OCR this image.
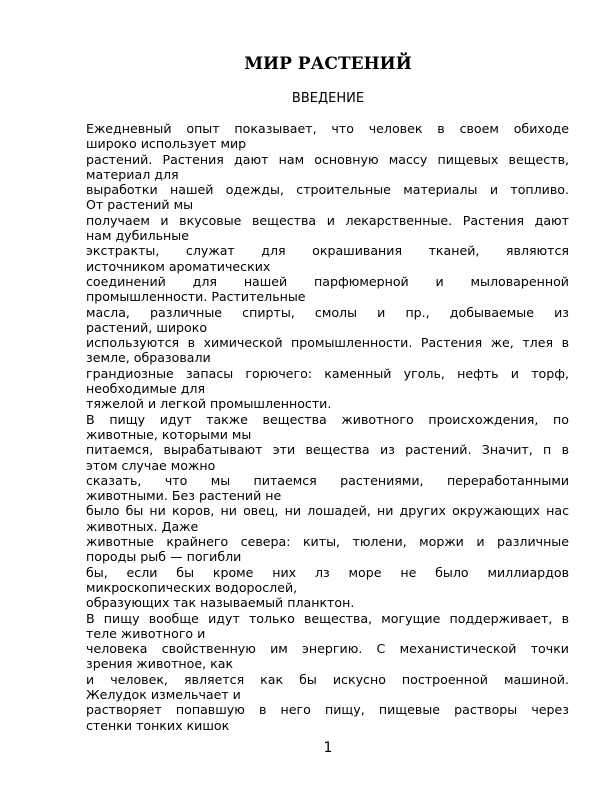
МИР РАСТЕНИЙ
ВВЕДЕНИЕ
Ежедневный опыт показывает, что человек в своем обиходе
широко использует мир
растений. Растения дают нам основную массу пищевых веществ,
материал для
выработки нашей одежды, строительные материалы и топливо.
От растений мы
получаем и вкусовые вещества и лекарственные. Растения дают
нам дубильные
экстракты, служат для окрашивания тканей, являются
источником ароматических
соединений для нашей парфюмерной и мыловаренной
промышленности. Растительные
масла, различные спирты, смолы и пр., добываемые из
растений, широко
используются в химической промышленности. Растения же, тлея в
земле, образовали
грандиозные запасы горючего: каменный уголь, нефть и торф,
необходимые для
тяжелой и легкой промышленности.
В пищу идут также вещества животного происхождения, по
животные, которыми мы
питаемся, вырабатывают эти вещества из растений. Значит, п в
этом случае можно
сказать, что мы питаемся растениями, переработанными
животными. Без растений не
было бы ни коров, ни овец, ни лошадей, ни других окружающих нас
животных. Даже
животные крайнего севера: киты, тюлени, моржи и различные
породы рыб — погибли
бы, если бы кроме них лз море не было миллиардов
микроскопических водорослей,
образующих так называемый планктон.
В пищу вообще идут только вещества, могущие поддерживает, в
теле животного и
человека свойственную им энергию. С механистической точки
зрения животное, как
и человек, является как бы искусно построенной машиной.
Желудок измельчает и
растворяет попавшую в него пищу, пищевые растворы через
стенки тонких кишок
1
